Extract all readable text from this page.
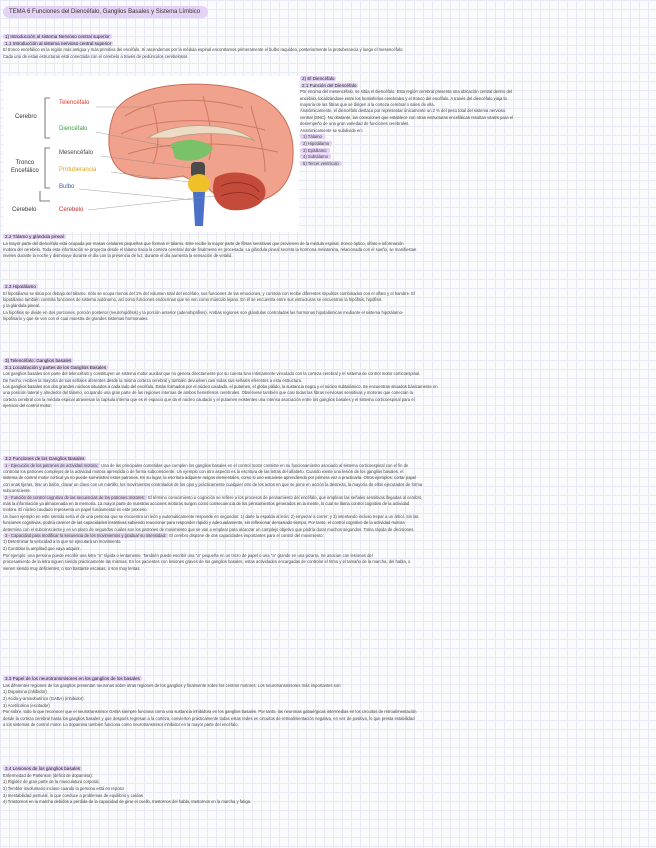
TEMA 6 Funciones del Diencéfalo, Ganglios Basales y Sistema Límbico
1) Introducción al sistema Nervioso central superior
1.1 Introducción al sistema nervioso central superior

El tronco encefálico es la región más antigua y más primitiva del encéfalo. Si ascendemos por la médula espinal encontramos primeramente el bulbo raquídeo, posteriormente la protuberancia y luego el mesencéfalo.

Cada uno de estas estructuras está conectada con el cerebelo a través de pedúnculos cerebelosos.

Cerebro
Telencéfalo
Diencéfalo
Tronco
Encefálico
Mesencéfalo
Protuberancia
Bulbo
Cerebelo	Cerebelo
2) El Diencéfalo
2.1 Función del Diencéfalo
Por encima del mesencéfalo, se sitúa el diencéfalo. Esta región cerebral presenta una ubicación central dentro del
encéfalo, localizándose entre los hemisferios cerebrales y el tronco del encéfalo. A través del diencéfalo viaja la
mayoría de las fibras que se dirigen a la corteza cerebral o salen de ella.
Anatómicamente, el diencéfalo destaca por representar únicamente un 2 % del peso total del sistema nervioso
central (SNC). No obstante, las conexiones que establece con otras estructuras encefálicas resultan vitales para el
desempeño de una gran variedad de funciones cerebrales.
Anatómicamente se subdivide en:
1) Tálamo
2) Hipotálamo
3) Epitálamo
4) Subtálamo
5) Tercer ventrículo
2.2 Tálamo y glándula pineal
La mayor parte del diencéfalo está ocupada por masas celulares pequeñas que forman el tálamo. Este recibe la mayor parte de fibras sensitivas que provienen de la médula espinal, tronco óptico, olfato e información
motora del cerebelo. Toda esta información se proyecta desde el tálamo hacia la corteza cerebral donde finalmente es procesada. La glándula pineal secreta la hormona melatonina, relacionada con el sueño, se manifiestan
niveles durante la noche y disminuye durante el día con la presencia de luz, durante el día aumenta la sensación de vetalid.
2.3 Hipotálamo
El hipotálamo se sitúa por debajo del tálamo. Sólo se ocupa menos del 1% del volumen total del encéfalo, sus funciones de las emociones, y controla con recibe diferentes impulsos combinados con el olfato y el hambre. El
hipotálamo también controla funciones de sistema autónomo, así como funciones endocrinas que se ven como músculo lejano. En él se encuentra entre sus estructuras se encuentran la hipófisis, hipófisis
y la glándula pineal.
La hipófisis se divide en dos porciones, porción posterior (neurohipófisis) y la porción anterior (adenohipófisis). Ambas regiones son glándulas controladas las hormonas hipotalámicas mediante el sistema hipotálamo-
hipofisario y que se ven con el cual muestra de grandes sistemas hormonales.
3) Telencéfalo: Ganglios basales
3.1 Localización y partes de los Ganglios Basales
Los ganglios basales son parte del telencéfalo y constituyen un sistema motor auxiliar que no genera directamente por su cuenta sino íntimamente vinculado con la corteza cerebral y el sistema de control motor corticoespinal.
De hecho, reciben la mayoría de sus señales aferentes desde la misma corteza cerebral y también devuelven casi todas sus señales eferentes a esta estructura.
Los ganglios basales son dos grandes núcleos situados a cada lado del encéfalo. Están formados por el núcleo caudado, el putamen, el globo pálido, la sustancia negra y el núcleo subtalámico. Se encuentran situados básicamente en
una posición lateral y alrededor del tálamo, ocupando una gran parte de las regiones internas de ambos hemisferios cerebrales. Obsérvese también que casi todas las fibras nerviosas sensitivas y motoras que conectan la
corteza cerebral con la médula espinal atraviesan la capsula interna que es el espacio que da el núcleo caudado y el putamen existentes una intensa asociación entre los ganglios basales y el sistema corticoespinal para el
ejercicio del control motor.
3.2 Funciones de los Ganglios Basales

1 - Ejecución de los patrones de actividad motora: Una de las principales cometidas que cumplen los ganglios basales en el control motor consiste en su funcionamiento asociado al sistema corticoespinal con el fin de

controlar los patrones complejos de la actividad motora aprendida o de forma subconsciente. Un ejemplo con otro aspecto es la escritura de las letras del alfabeto. Cuando existe una lesión de los ganglios basales, el
sistema de control motor cortical ya no puede suministrar estos patrones. En su lugar, la escritura adquiere rasgos elementales, como si uno estuviese aprendiendo por primera vez a practicarla. Otros ejemplos: cortar papel
con unas tijeras, tirar un balón, clavar un clavo con un martillo, los movimientos controlados de los ojos y prácticamente cualquier otro de los actos en que se pone en acción la destreza, la mayoría de ellos ejecutados de forma
subconsciente.

2 - Función de control cognitivo de las secuencias de los patrones motores: El término conocimiento o cognición se refiere a los procesos de pensamiento del encéfalo, que emplean las señales sensitivas llegadas al cerebro,

más la información ya almacenada en la memoria. La mayor parte de nuestras acciones motoras surgen como consecuencia de los pensamientos generados en la mente, lo cual se llama control cognitivo de la actividad
motora. El núcleo caudado representa un papel fundamental en este proceso.
Un buen ejemplo en este sentido sería el de una persona que se encuentra un león y automáticamente responde en segundos: 1) darle la espalda al león; 2) empezar a correr; y 3) intentando incluso trepar a un árbol. Sin las
funciones cognitivas, podría carecer de las capacidades instintivas sabiendo reaccionar para responder rápido y adecuadamente, sin reflexionar demasiado tiempo. Por tanto, el control cognitivo de la actividad motora
determina con el subconsciente y en un plazo de segundos cuáles son los patrones de movimiento que se van a emplear para alcanzar un complejo objetivo que podría durar muchos segundos. Toma rápida de decisiones.

3 - Capacidad para modificar la secuencia de los movimientos y graduar su intensidad: El cerebro dispone de dos capacidades importantes para el control del movimiento:

1) Determinar la velocidad a la que se ejecutará un movimiento.
2) Controlar la amplitud que vaya adquirir.
Por ejemplo: una persona puede escribir una letra ''a'' rápida o lentamente. También puede escribir una ''a'' pequeña en un trozo de papel o una ''a'' grande en una pizarra. Se asocian con lesiones del
procesamiento de la letra siguen siendo prácticamente las mismas. En los pacientes con lesiones graves de los ganglios basales, estas actividades encargadas de controlar el ritmo y el tamaño de la marcha, del habla, o
vienen siendo muy deficientes, o son bastante escasas, o son muy lentas.
3.3 Papel de los neurotransmisores en los ganglios de los basales

Las diferentes regiones de los ganglios presentan neuronas sobre otras regiones de los ganglios y finalmente sobre los centros motores. Los neurotransmisores más importantes son:

1) Dopamina (inhibidor)
2) Acido-y-aminobutírico (GABA) (inhibidor)
3) Acetilcolina (excitador)
Por sobre, todo lo que reconocer que el neurotransmisor GABA siempre funciona como una sustancia inhibidora en los ganglios basales. Por tanto, las neuronas gabaérgicas intermedias en los circuitos de retroalimentación
desde la corteza cerebral hasta los ganglios basales y que después regresan a la corteza, convierten prácticamente todas estas redes en circuitos de retroalimentación negativa, en vez de positiva, lo que presta estabilidad
a los sistemas de control motor. La dopamina también funciona como neurotransmisor inhibidor en la mayor parte del encéfalo.
3.4 Lesiones de los ganglios basales

Enfermedad de Parkinson (déficit de dopamina):

1) Rigidez de gran parte de la musculatura corporal,
2) Temblor involuntario incluso cuando la persona está en reposo
3) Inestabilidad postural, lo que conduce a problemas de equilibrio y caídas
4) Trastornos en la marcha debidos a pérdida de la capacidad de girar el cuello, trastornos del habla, trastornos en la marcha y fatiga.
